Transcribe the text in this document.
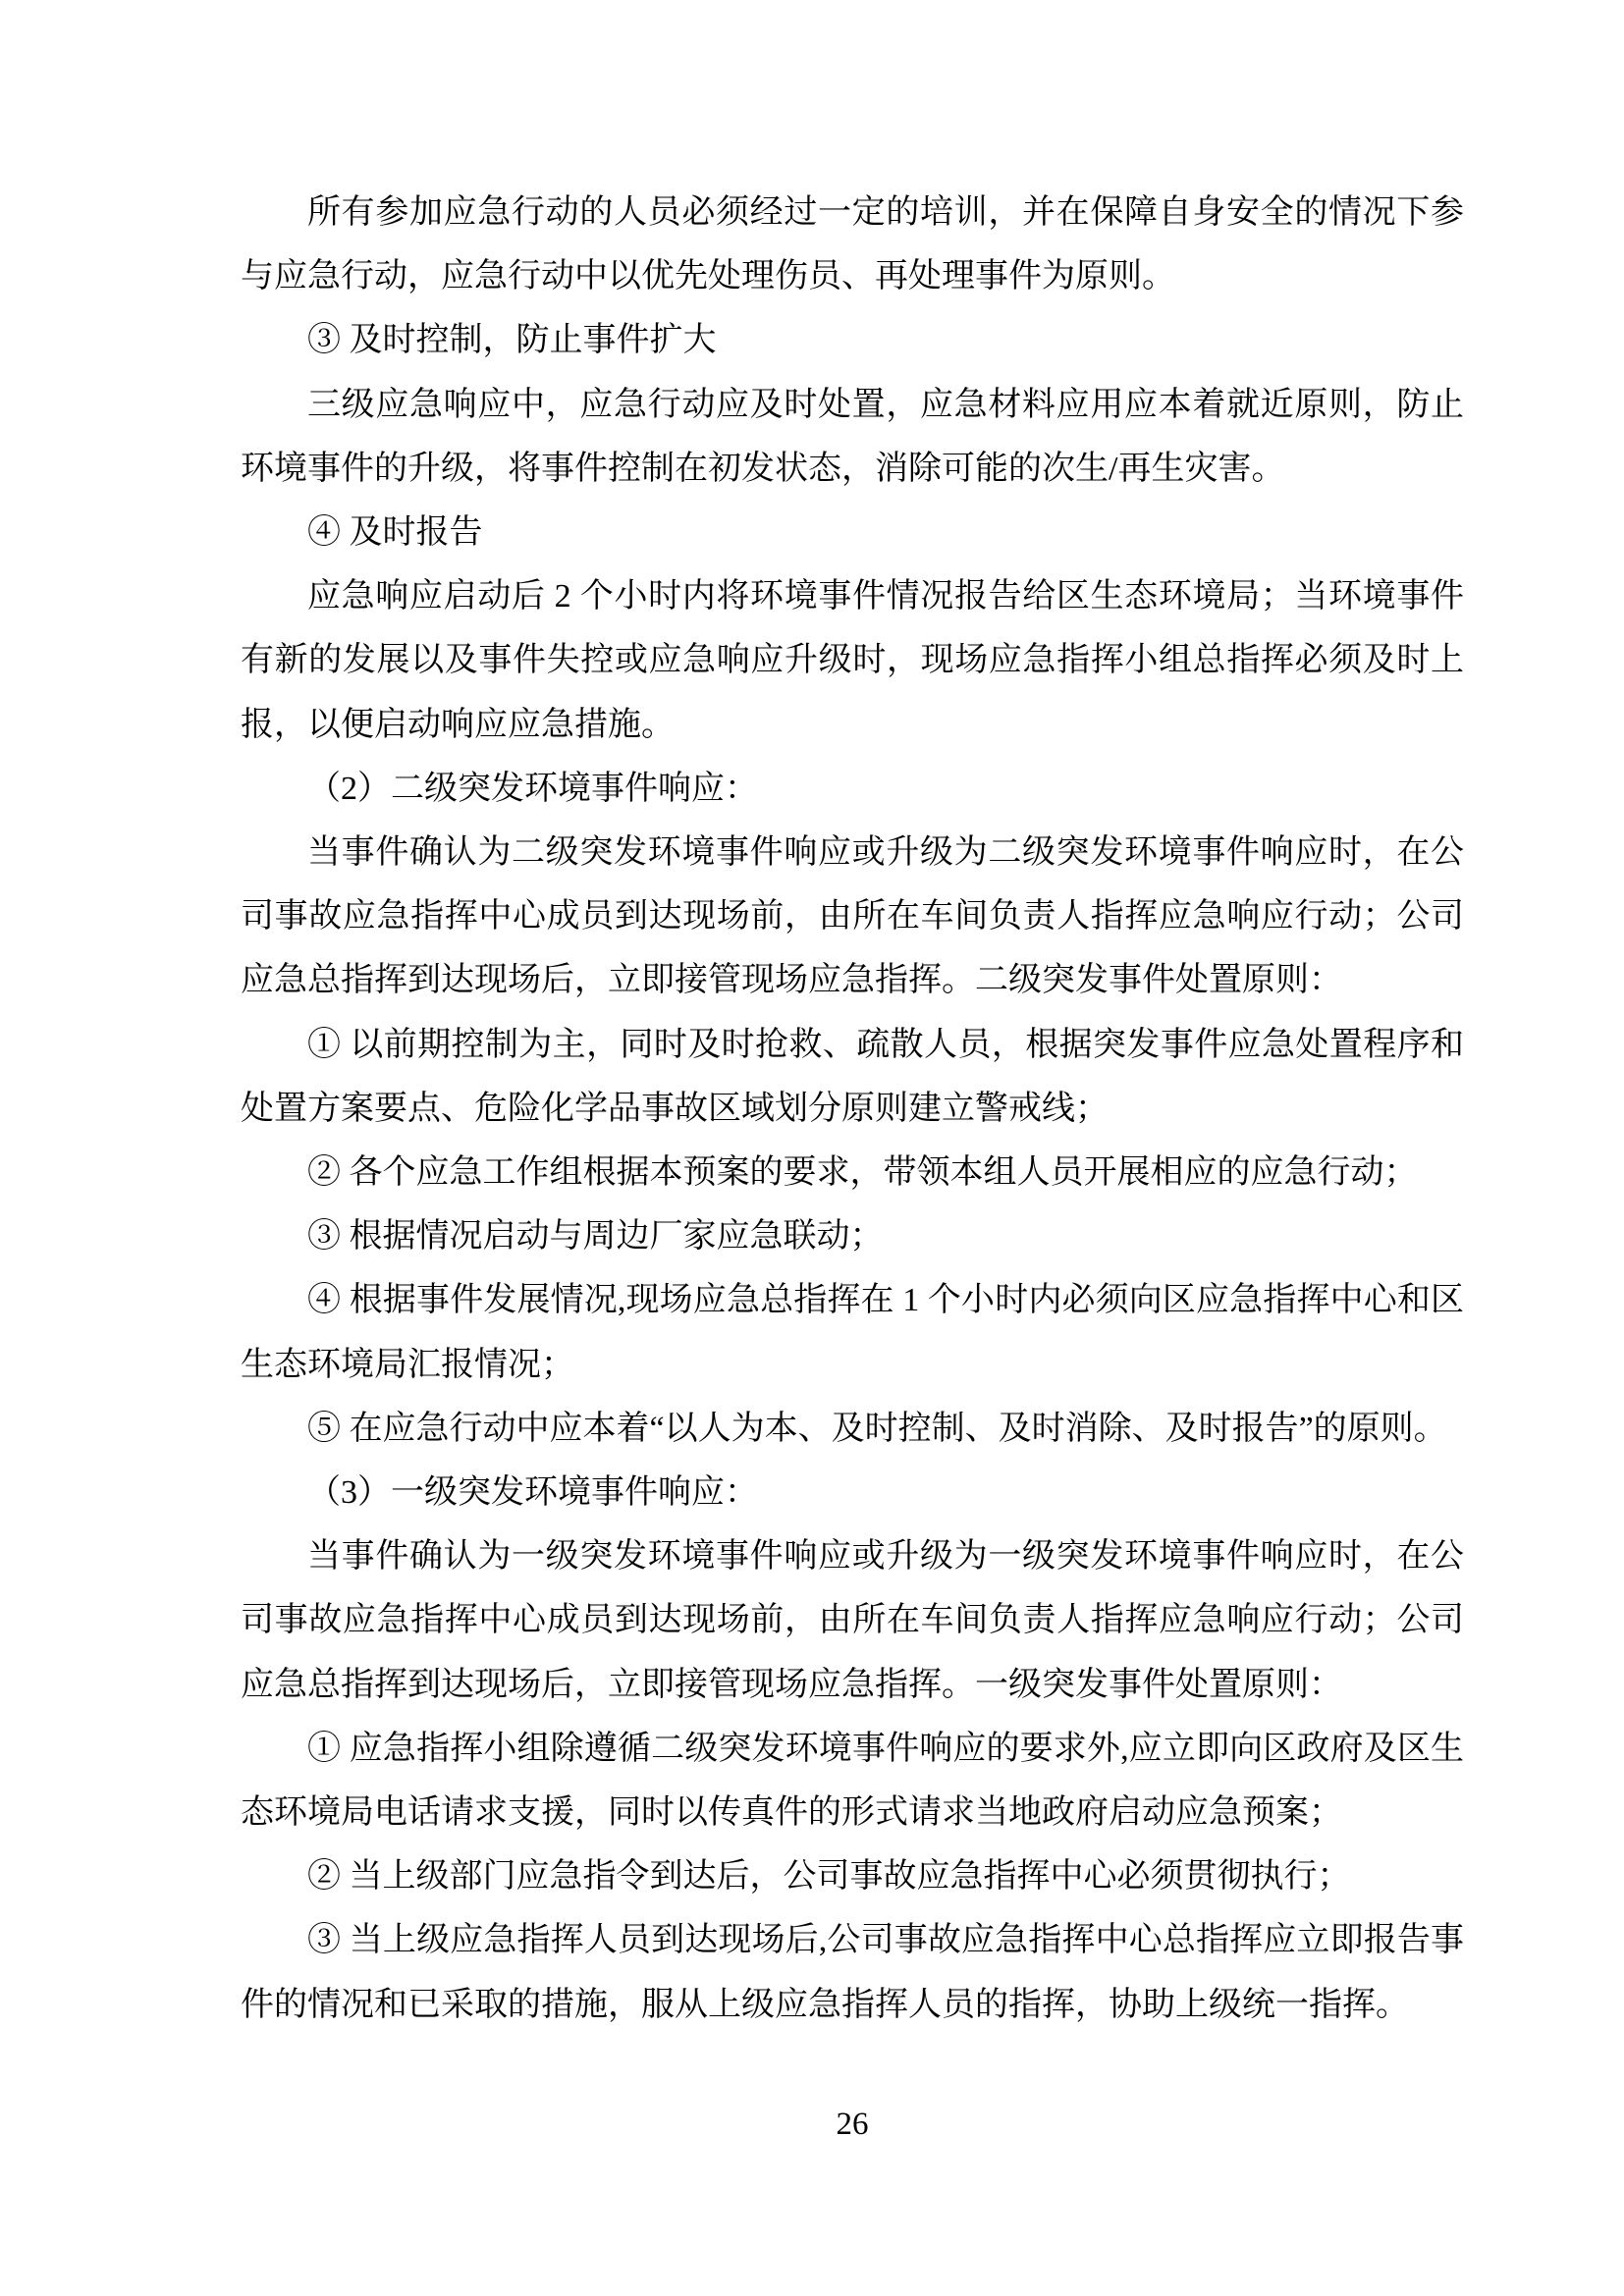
所有参加应急行动的人员必须经过一定的培训，并在保障自身安全的情况下参与应急行动，应急行动中以优先处理伤员、再处理事件为原则。

③ 及时控制，防止事件扩大

三级应急响应中，应急行动应及时处置，应急材料应用应本着就近原则，防止环境事件的升级，将事件控制在初发状态，消除可能的次生/再生灾害。

④ 及时报告

应急响应启动后 2 个小时内将环境事件情况报告给区生态环境局；当环境事件有新的发展以及事件失控或应急响应升级时，现场应急指挥小组总指挥必须及时上报，以便启动响应应急措施。

（2）二级突发环境事件响应：

当事件确认为二级突发环境事件响应或升级为二级突发环境事件响应时，在公司事故应急指挥中心成员到达现场前，由所在车间负责人指挥应急响应行动；公司应急总指挥到达现场后，立即接管现场应急指挥。二级突发事件处置原则：

① 以前期控制为主，同时及时抢救、疏散人员，根据突发事件应急处置程序和处置方案要点、危险化学品事故区域划分原则建立警戒线；

② 各个应急工作组根据本预案的要求，带领本组人员开展相应的应急行动；

③ 根据情况启动与周边厂家应急联动；

④ 根据事件发展情况,现场应急总指挥在 1 个小时内必须向区应急指挥中心和区生态环境局汇报情况；

⑤ 在应急行动中应本着“以人为本、及时控制、及时消除、及时报告”的原则。

（3）一级突发环境事件响应：

当事件确认为一级突发环境事件响应或升级为一级突发环境事件响应时，在公司事故应急指挥中心成员到达现场前，由所在车间负责人指挥应急响应行动；公司应急总指挥到达现场后，立即接管现场应急指挥。一级突发事件处置原则：

① 应急指挥小组除遵循二级突发环境事件响应的要求外,应立即向区政府及区生态环境局电话请求支援，同时以传真件的形式请求当地政府启动应急预案；

② 当上级部门应急指令到达后，公司事故应急指挥中心必须贯彻执行；

③ 当上级应急指挥人员到达现场后,公司事故应急指挥中心总指挥应立即报告事件的情况和已采取的措施，服从上级应急指挥人员的指挥，协助上级统一指挥。

26
